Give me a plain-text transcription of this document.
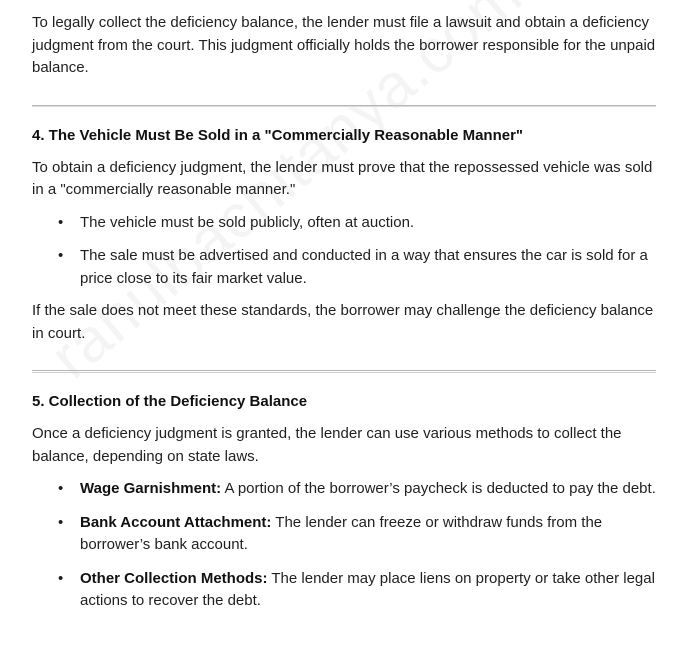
To legally collect the deficiency balance, the lender must file a lawsuit and obtain a deficiency judgment from the court. This judgment officially holds the borrower responsible for the unpaid balance.

4. The Vehicle Must Be Sold in a "Commercially Reasonable Manner"

To obtain a deficiency judgment, the lender must prove that the repossessed vehicle was sold in a "commercially reasonable manner."

• The vehicle must be sold publicly, often at auction.
• The sale must be advertised and conducted in a way that ensures the car is sold for a price close to its fair market value.

If the sale does not meet these standards, the borrower may challenge the deficiency balance in court.

5. Collection of the Deficiency Balance

Once a deficiency judgment is granted, the lender can use various methods to collect the balance, depending on state laws.

• Wage Garnishment: A portion of the borrower’s paycheck is deducted to pay the debt.
• Bank Account Attachment: The lender can freeze or withdraw funds from the borrower’s bank account.
• Other Collection Methods: The lender may place liens on property or take other legal actions to recover the debt.
